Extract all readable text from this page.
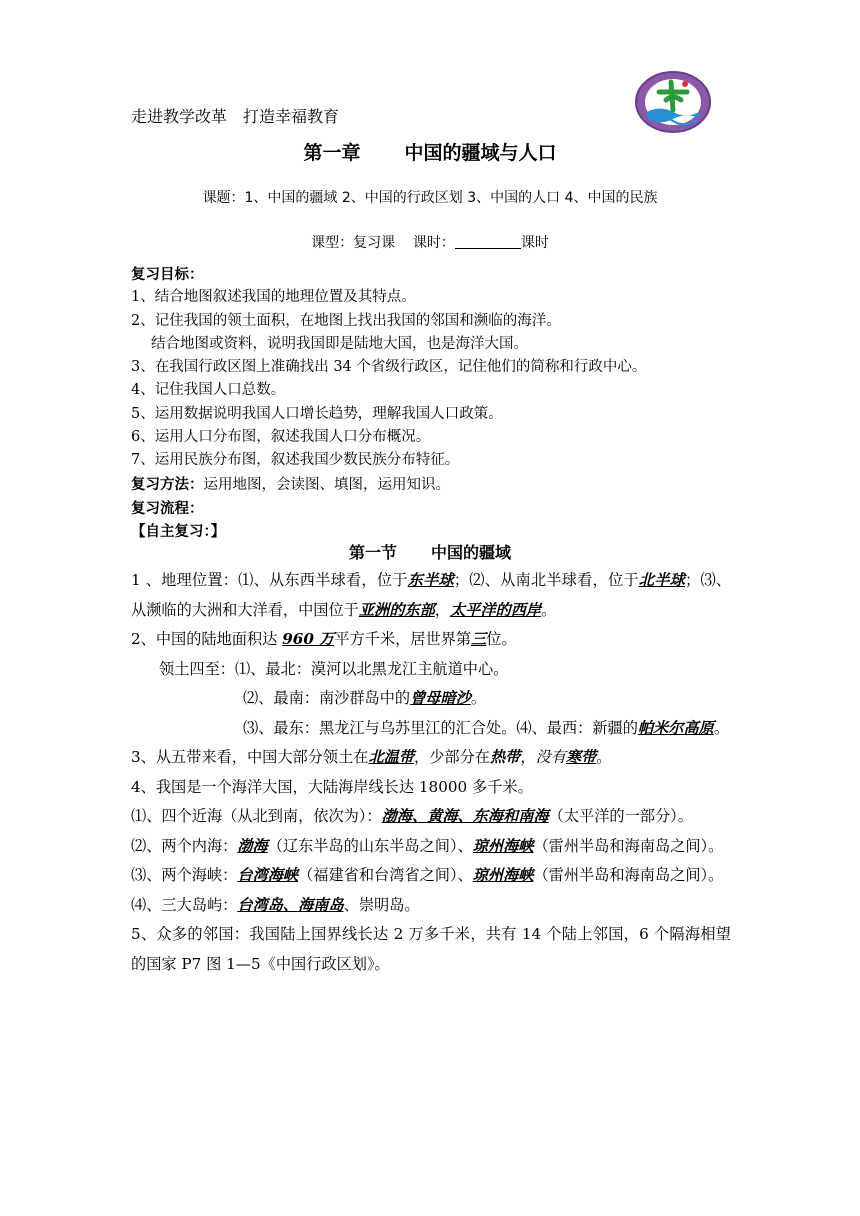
走进教学改革　打造幸福教育
第一章 中国的疆域与人口
课题：1、中国的疆域 2、中国的行政区划 3、中国的人口 4、中国的民族
课型：复习课 课时：	课时
复习目标：
1、结合地图叙述我国的地理位置及其特点。
2、记住我国的领土面积，在地图上找出我国的邻国和濒临的海洋。
结合地图或资料，说明我国即是陆地大国，也是海洋大国。
3、在我国行政区图上准确找出 34 个省级行政区，记住他们的简称和行政中心。
4、记住我国人口总数。
5、运用数据说明我国人口增长趋势，理解我国人口政策。
6、运用人口分布图，叙述我国人口分布概况。
7、运用民族分布图，叙述我国少数民族分布特征。
复习方法：运用地图，会读图、填图，运用知识。
复习流程：
【自主复习：】
第一节 中国的疆域

1 、地理位置：⑴、从东西半球看，位于东半球；⑵、从南北半球看，位于北半球；⑶、从濒临的大洲和大洋看，中国位于亚洲的东部，太平洋的西岸。

2、中国的陆地面积达 960 万平方千米，居世界第三位。

领土四至：⑴、最北：漠河以北黑龙江主航道中心。

⑵、最南：南沙群岛中的曾母暗沙。

⑶、最东：黑龙江与乌苏里江的汇合处。⑷、最西：新疆的帕米尔高原。

3、从五带来看，中国大部分领土在北温带，少部分在热带，没有寒带。

4、我国是一个海洋大国，大陆海岸线长达 18000 多千米。

⑴、四个近海（从北到南，依次为）：渤海、黄海、东海和南海（太平洋的一部分）。

⑵、两个内海：渤海（辽东半岛的山东半岛之间）、琼州海峡（雷州半岛和海南岛之间）。

⑶、两个海峡：台湾海峡（福建省和台湾省之间）、琼州海峡（雷州半岛和海南岛之间）。

⑷、三大岛屿：台湾岛、海南岛、崇明岛。

5、众多的邻国：我国陆上国界线长达 2 万多千米，共有 14 个陆上邻国，6 个隔海相望的国家 P7 图 1—5《中国行政区划》。
